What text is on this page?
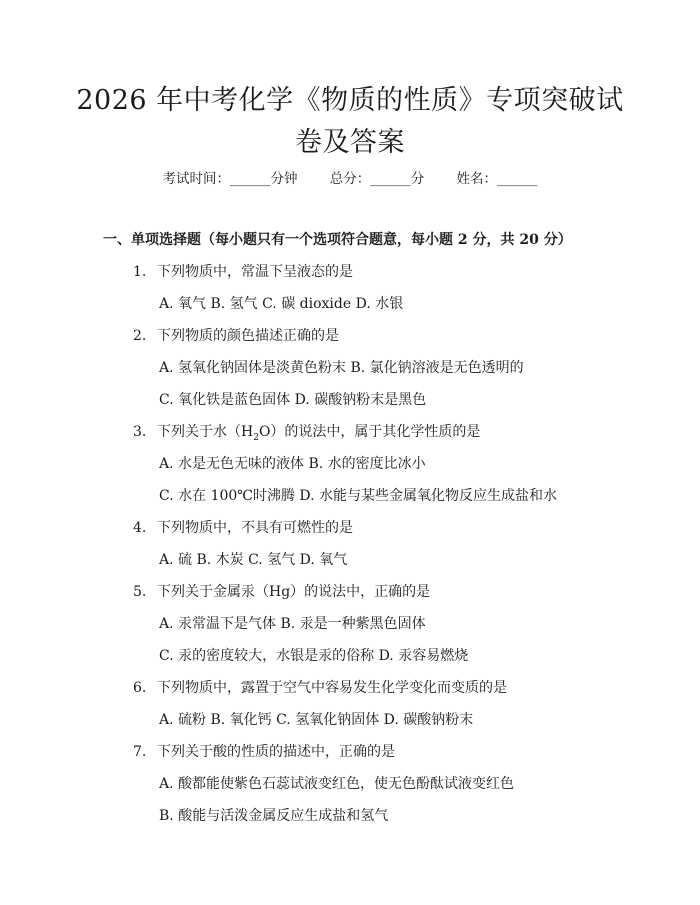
2026 年中考化学《物质的性质》专项突破试
卷及答案
考试时间：______分钟 总分：______分 姓名：______
一、单项选择题（每小题只有一个选项符合题意，每小题 2 分，共 20 分）
1. 下列物质中，常温下呈液态的是
A. 氧气 B. 氢气 C. 碳 dioxide D. 水银
2. 下列物质的颜色描述正确的是
A. 氢氧化钠固体是淡黄色粉末 B. 氯化钠溶液是无色透明的
C. 氧化铁是蓝色固体 D. 碳酸钠粉末是黑色
3. 下列关于水$(H_2O)$的说法中，属于其化学性质的是
A. 水是无色无味的液体 B. 水的密度比冰小
C. 水在 100℃时沸腾 D. 水能与某些金属氧化物反应生成盐和水
4. 下列物质中，不具有可燃性的是
A. 硫 B. 木炭 C. 氢气 D. 氧气
5. 下列关于金属汞（Hg）的说法中，正确的是
A. 汞常温下是气体 B. 汞是一种紫黑色固体
C. 汞的密度较大，水银是汞的俗称 D. 汞容易燃烧
6. 下列物质中，露置于空气中容易发生化学变化而变质的是
A. 硫粉 B. 氧化钙 C. 氢氧化钠固体 D. 碳酸钠粉末
7. 下列关于酸的性质的描述中，正确的是
A. 酸都能使紫色石蕊试液变红色，使无色酚酞试液变红色
B. 酸能与活泼金属反应生成盐和氢气
